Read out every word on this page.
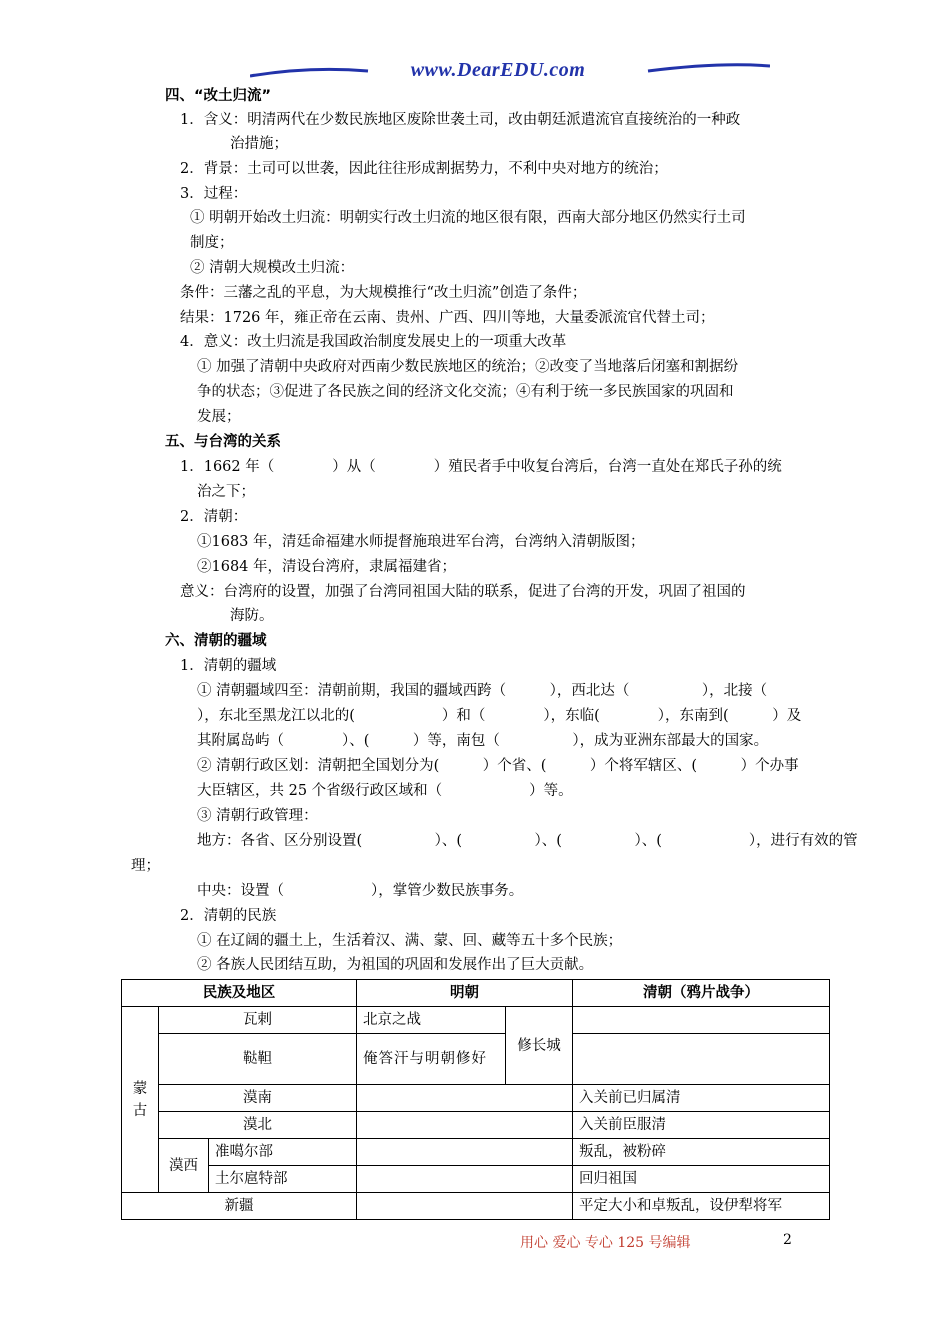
www.DearEDU.com
四、“改土归流”
1．含义：明清两代在少数民族地区废除世袭土司，改由朝廷派遣流官直接统治的一种政
治措施；
2．背景：土司可以世袭，因此往往形成割据势力，不利中央对地方的统治；
3．过程：
① 明朝开始改土归流：明朝实行改土归流的地区很有限，西南大部分地区仍然实行土司
制度；
② 清朝大规模改土归流：
条件：三藩之乱的平息，为大规模推行“改土归流”创造了条件；
结果：1726 年，雍正帝在云南、贵州、广西、四川等地，大量委派流官代替土司；
4．意义：改土归流是我国政治制度发展史上的一项重大改革
① 加强了清朝中央政府对西南少数民族地区的统治；②改变了当地落后闭塞和割据纷
争的状态；③促进了各民族之间的经济文化交流；④有利于统一多民族国家的巩固和
发展；
五、与台湾的关系
1．1662 年（　　　　）从（　　　　）殖民者手中收复台湾后，台湾一直处在郑氏子孙的统
治之下；
2．清朝：
①1683 年，清廷命福建水师提督施琅进军台湾，台湾纳入清朝版图；
②1684 年，清设台湾府，隶属福建省；
意义：台湾府的设置，加强了台湾同祖国大陆的联系，促进了台湾的开发，巩固了祖国的
海防。
六、清朝的疆域
1．清朝的疆域
① 清朝疆域四至：清朝前期，我国的疆域西跨（　　　），西北达（　　　　　），北接（
），东北至黑龙江以北的(　　　　　　）和（　　　　），东临(　　　　），东南到(　　　）及
其附属岛屿（　　　　）、(　　　）等，南包（　　　　　），成为亚洲东部最大的国家。
② 清朝行政区划：清朝把全国划分为(　　　）个省、(　　　）个将军辖区、(　　　）个办事
大臣辖区，共 25 个省级行政区域和（　　　　　　）等。
③ 清朝行政管理：
地方：各省、区分别设置(　　　　　）、(　　　　　）、(　　　　　）、(　　　　　　），进行有效的管
理；
中央：设置（　　　　　　），掌管少数民族事务。
2．清朝的民族
① 在辽阔的疆土上，生活着汉、满、蒙、回、藏等五十多个民族；
② 各族人民团结互助，为祖国的巩固和发展作出了巨大贡献。
民族及地区			明朝		清朝（鸦片战争）
蒙古	瓦剌		北京之战	修长城	
	鞑靼		俺答汗与明朝修好		
	漠南				入关前已归属清
	漠北				入关前臣服清
	漠西	准噶尔部			叛乱，被粉碎
		土尔扈特部			回归祖国
新疆					平定大小和卓叛乱，设伊犁将军
用心 爱心 专心 125 号编辑	2
